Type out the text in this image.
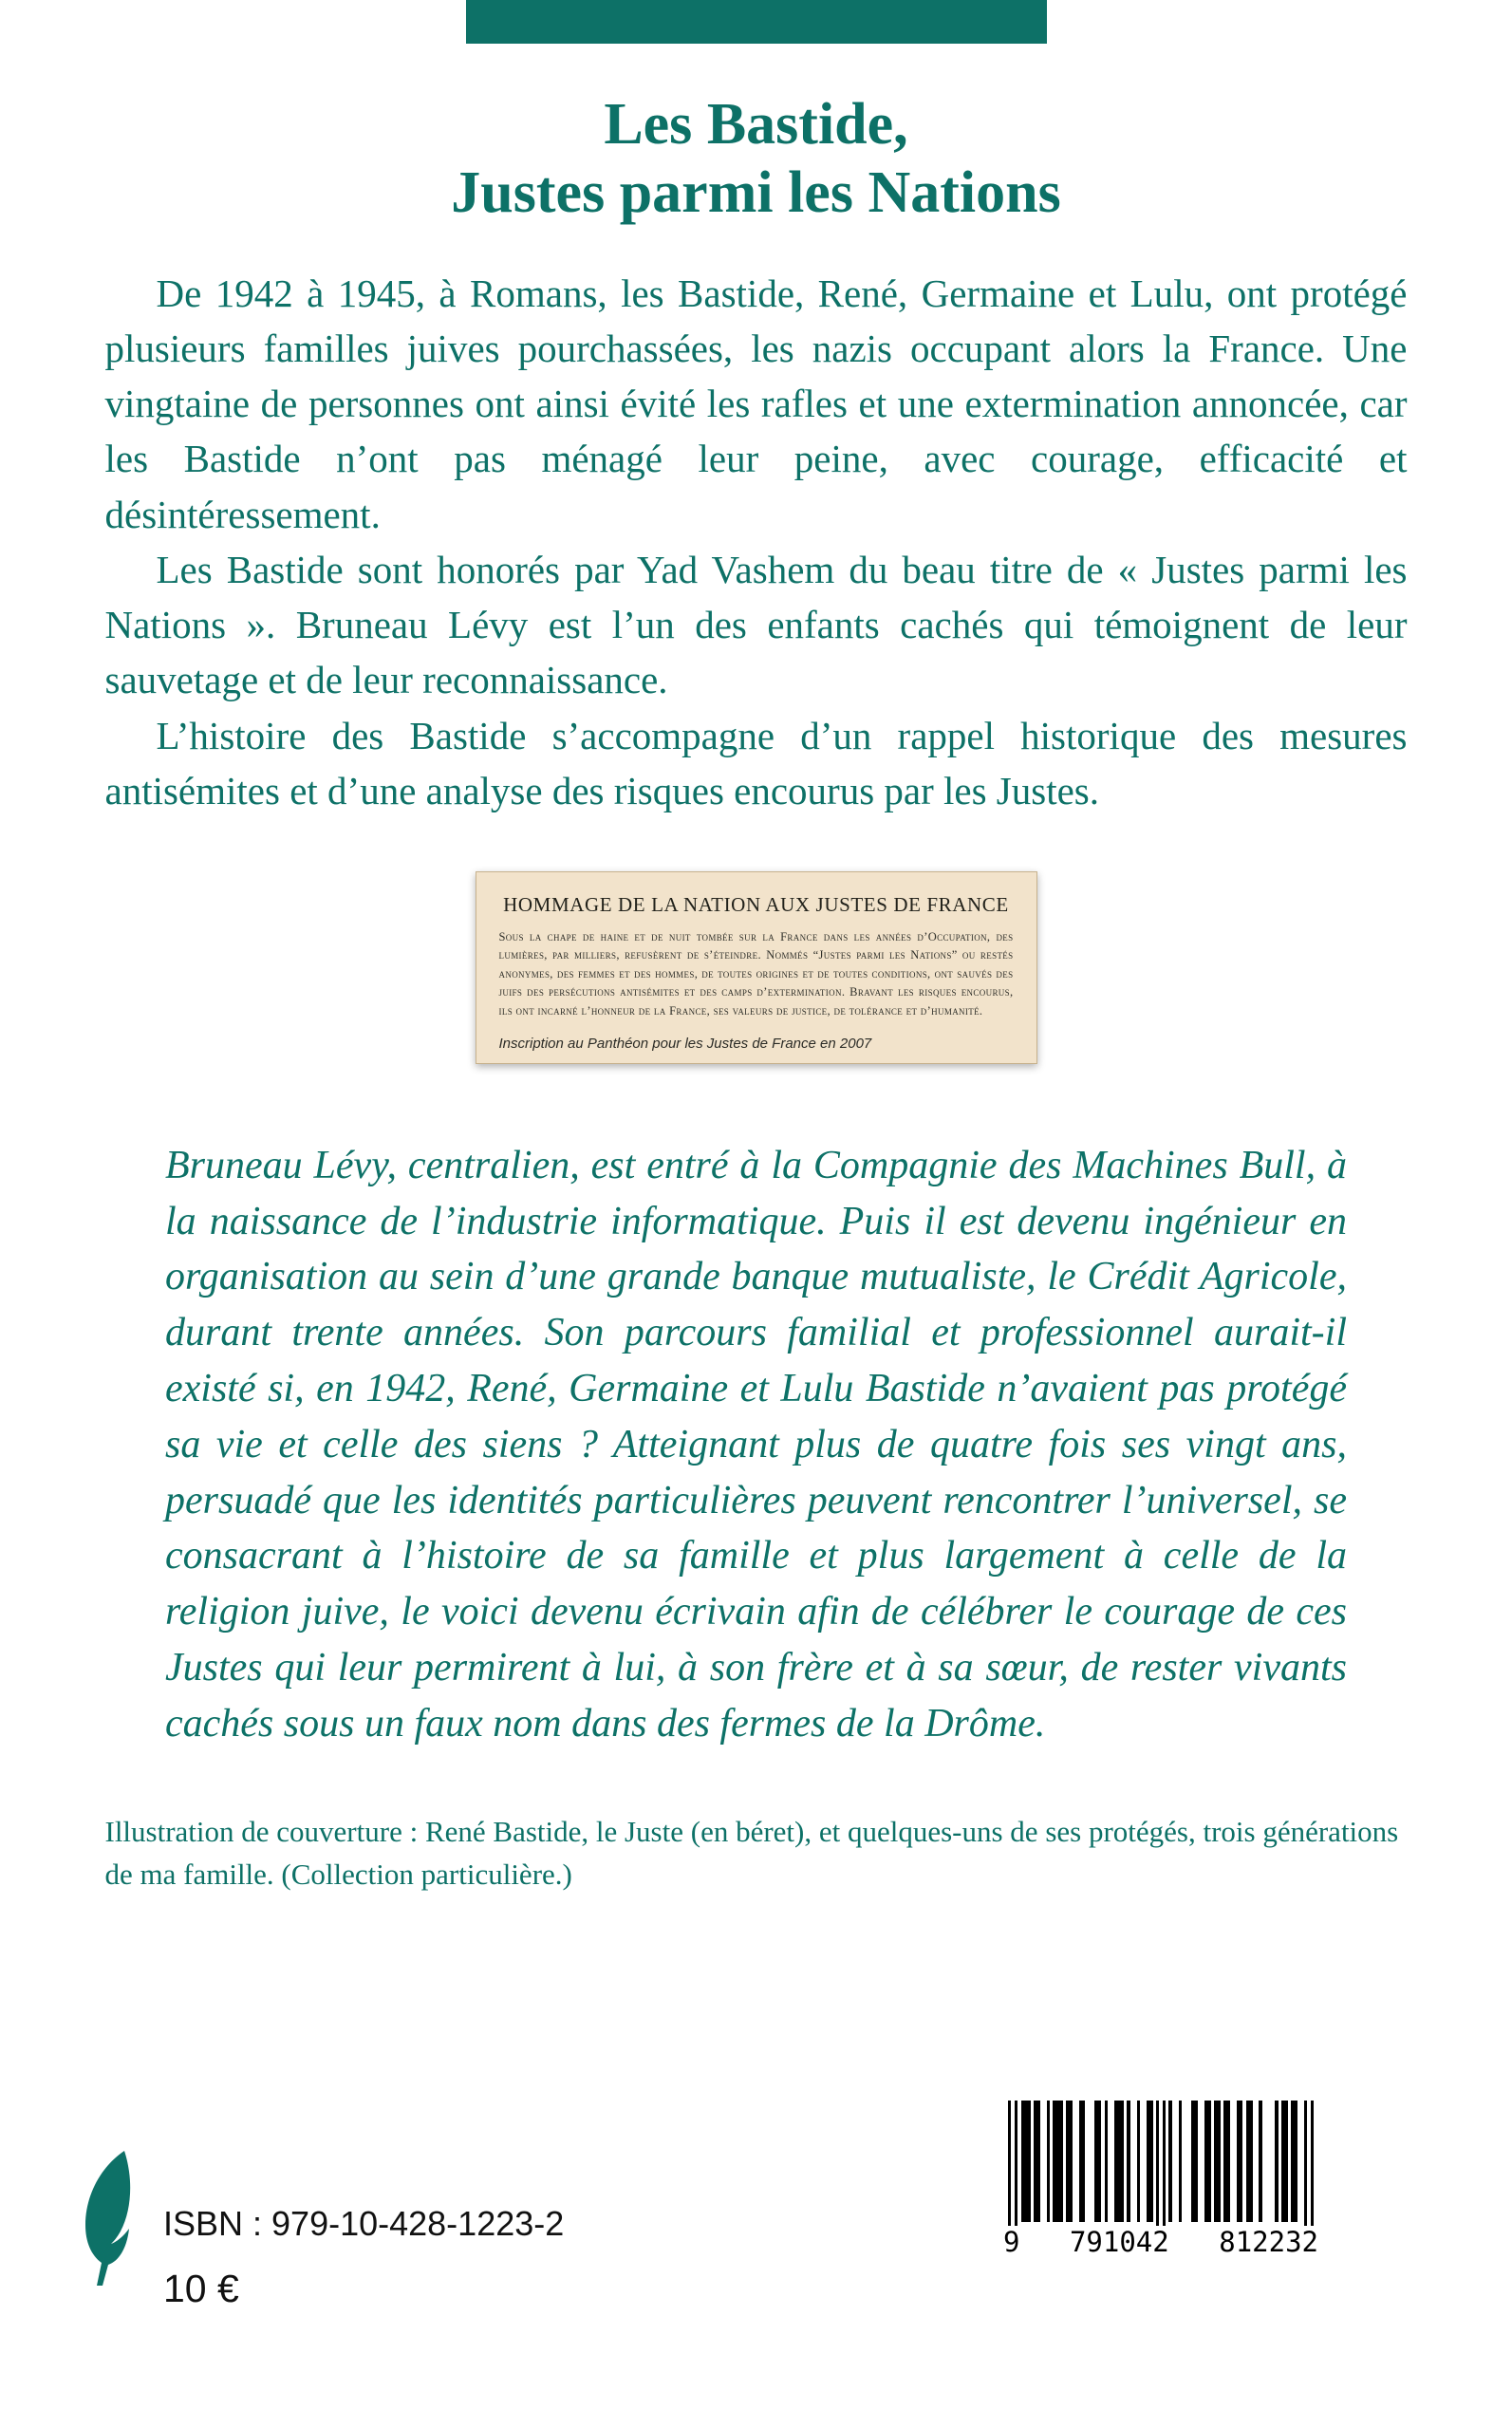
Les Bastide,
Justes parmi les Nations

De 1942 à 1945, à Romans, les Bastide, René, Germaine et Lulu, ont protégé plusieurs familles juives pourchassées, les nazis occupant alors la France. Une vingtaine de personnes ont ainsi évité les rafles et une extermination annoncée, car les Bastide n’ont pas ménagé leur peine, avec courage, efficacité et désintéressement.

Les Bastide sont honorés par Yad Vashem du beau titre de « Justes parmi les Nations ». Bruneau Lévy est l’un des enfants cachés qui témoignent de leur sauvetage et de leur reconnaissance.

L’histoire des Bastide s’accompagne d’un rappel historique des mesures antisémites et d’une analyse des risques encourus par les Justes.

HOMMAGE DE LA NATION AUX JUSTES DE FRANCE
Sous la chape de haine et de nuit tombée sur la France dans les années d’Occupation, des lumières, par milliers, refusèrent de s’éteindre. Nommés “Justes parmi les Nations” ou restés anonymes, des femmes et des hommes, de toutes origines et de toutes conditions, ont sauvés des juifs des persécutions antisémites et des camps d’extermination. Bravant les risques encourus, ils ont incarné l’honneur de la France, ses valeurs de justice, de tolérance et d’humanité.
Inscription au Panthéon pour les Justes de France en 2007
Bruneau Lévy, centralien, est entré à la Compagnie des Machines Bull, à la naissance de l’industrie informatique. Puis il est devenu ingénieur en organisation au sein d’une grande banque mutualiste, le Crédit Agricole, durant trente années. Son parcours familial et professionnel aurait-il existé si, en 1942, René, Germaine et Lulu Bastide n’avaient pas protégé sa vie et celle des siens ? Atteignant plus de quatre fois ses vingt ans, persuadé que les identités particulières peuvent rencontrer l’universel, se consacrant à l’histoire de sa famille et plus largement à celle de la religion juive, le voici devenu écrivain afin de célébrer le courage de ces Justes qui leur permirent à lui, à son frère et à sa sœur, de rester vivants cachés sous un faux nom dans des fermes de la Drôme.
Illustration de couverture : René Bastide, le Juste (en béret), et quelques-uns de ses protégés, trois générations de ma famille. (Collection particulière.)
ISBN : 979-10-428-1223-2
10 €
9 791042 812232
